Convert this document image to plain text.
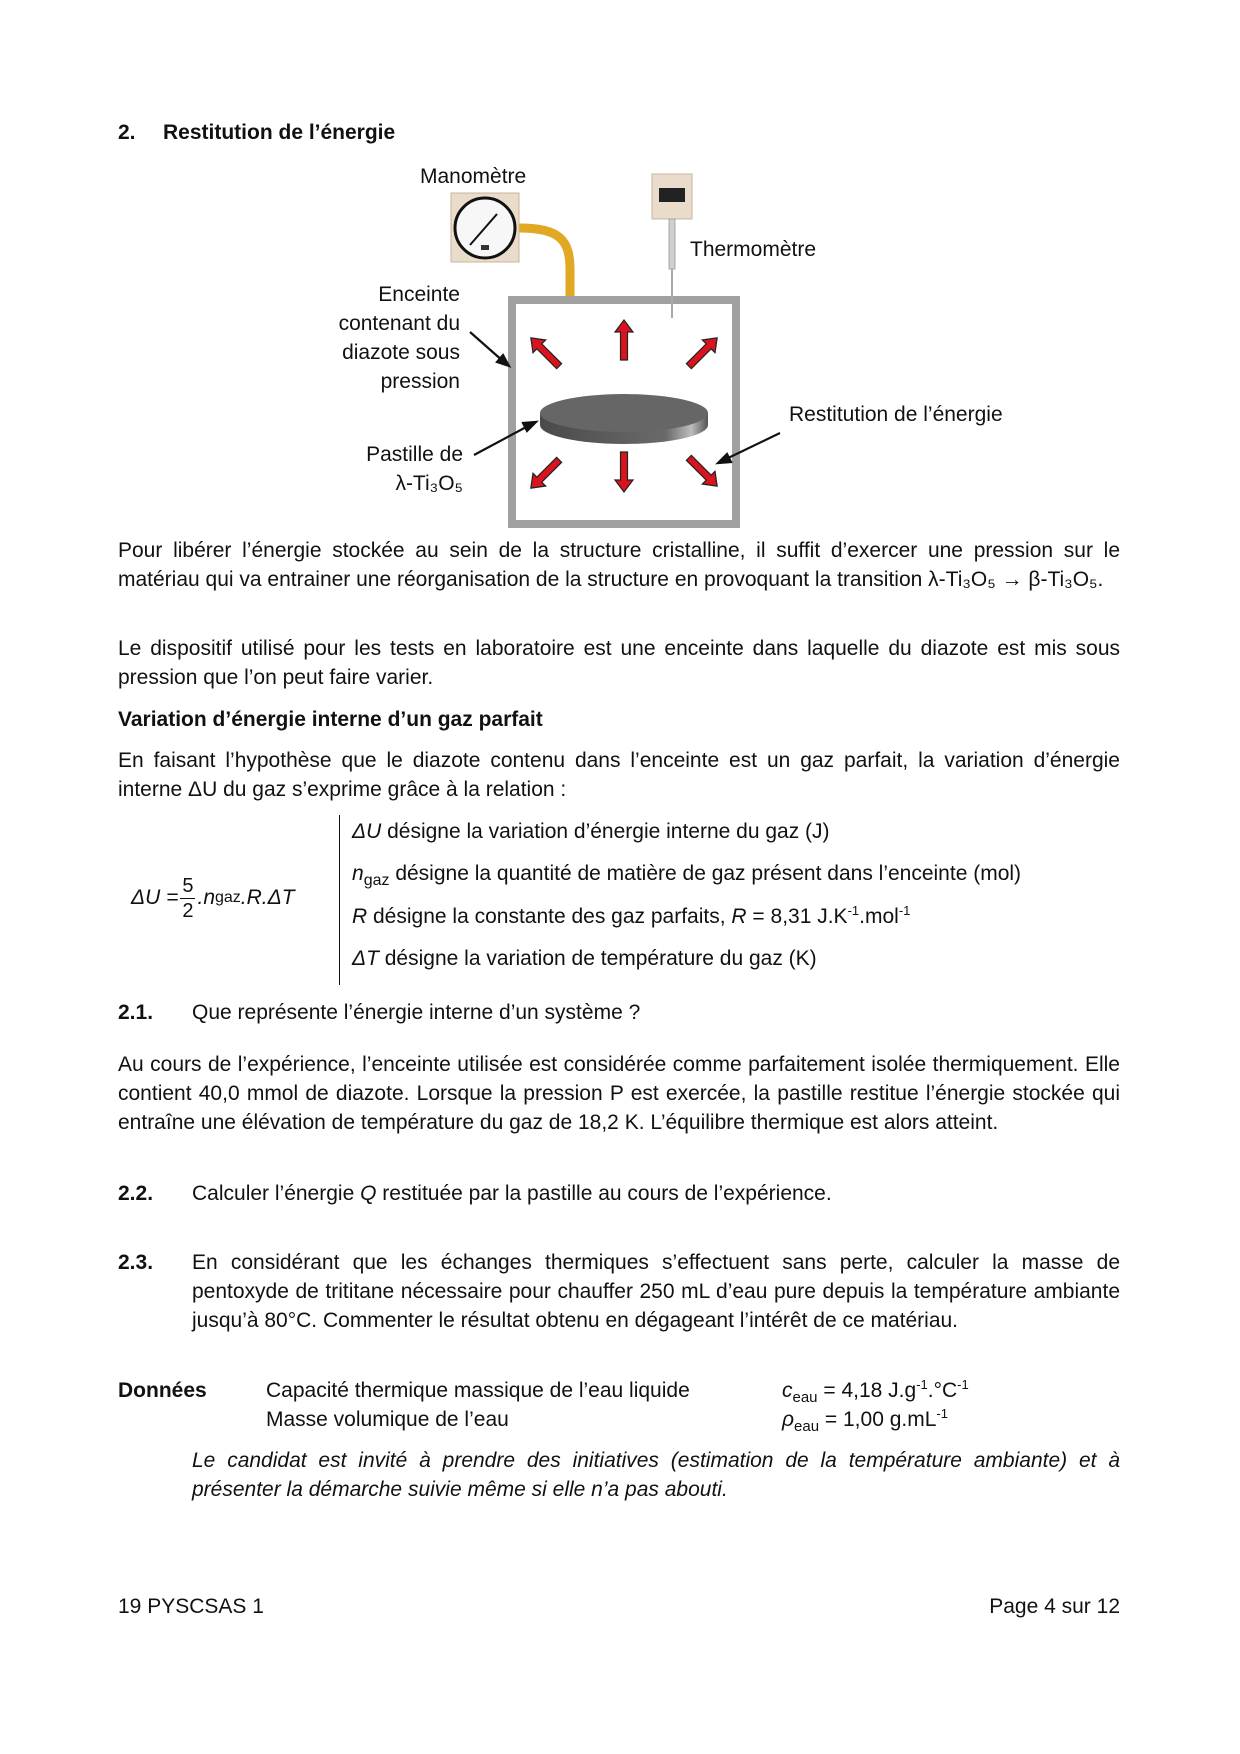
2. Restitution de l’énergie
Manomètre
Thermomètre
Enceinte
contenant du
diazote sous
pression
Pastille de
λ-Ti₃O₅
Restitution de l’énergie
Pour libérer l’énergie stockée au sein de la structure cristalline, il suffit d’exercer une pression sur le matériau qui va entrainer une réorganisation de la structure en provoquant la transition λ-Ti₃O₅ → β-Ti₃O₅.
Le dispositif utilisé pour les tests en laboratoire est une enceinte dans laquelle du diazote est mis sous pression que l’on peut faire varier.
Variation d’énergie interne d’un gaz parfait
En faisant l’hypothèse que le diazote contenu dans l’enceinte est un gaz parfait, la variation d’énergie interne ΔU du gaz s’exprime grâce à la relation :
$\Delta U = \frac{5}{2} .n$ gaz .R.ΔT
ΔU désigne la variation d’énergie interne du gaz (J)
$n_{gaz}$ désigne la quantité de matière de gaz présent dans l’enceinte (mol)
R désigne la constante des gaz parfaits, R = 8,31 $J.K^{-1}.mol^{-1}$
ΔT désigne la variation de température du gaz (K)
2.1. Que représente l’énergie interne d’un système ?
Au cours de l’expérience, l’enceinte utilisée est considérée comme parfaitement isolée thermiquement. Elle contient 40,0 mmol de diazote. Lorsque la pression P est exercée, la pastille restitue l’énergie stockée qui entraîne une élévation de température du gaz de 18,2 K. L’équilibre thermique est alors atteint.
2.2. Calculer l’énergie Q restituée par la pastille au cours de l’expérience.
2.3. En considérant que les échanges thermiques s’effectuent sans perte, calculer la masse de pentoxyde de trititane nécessaire pour chauffer 250 mL d’eau pure depuis la température ambiante jusqu’à 80°C. Commenter le résultat obtenu en dégageant l’intérêt de ce matériau.
Données	Capacité thermique massique de l’eau liquide	$c_{eau} = 4,18$ $J.g^{-1}.^\circ C^{-1}$
Masse volumique de l’eau	$\rho_{eau} = 1,00$ $g.mL^{-1}$
Le candidat est invité à prendre des initiatives (estimation de la température ambiante) et à présenter la démarche suivie même si elle n’a pas abouti.
19 PYSCSAS 1	Page 4 sur 12
